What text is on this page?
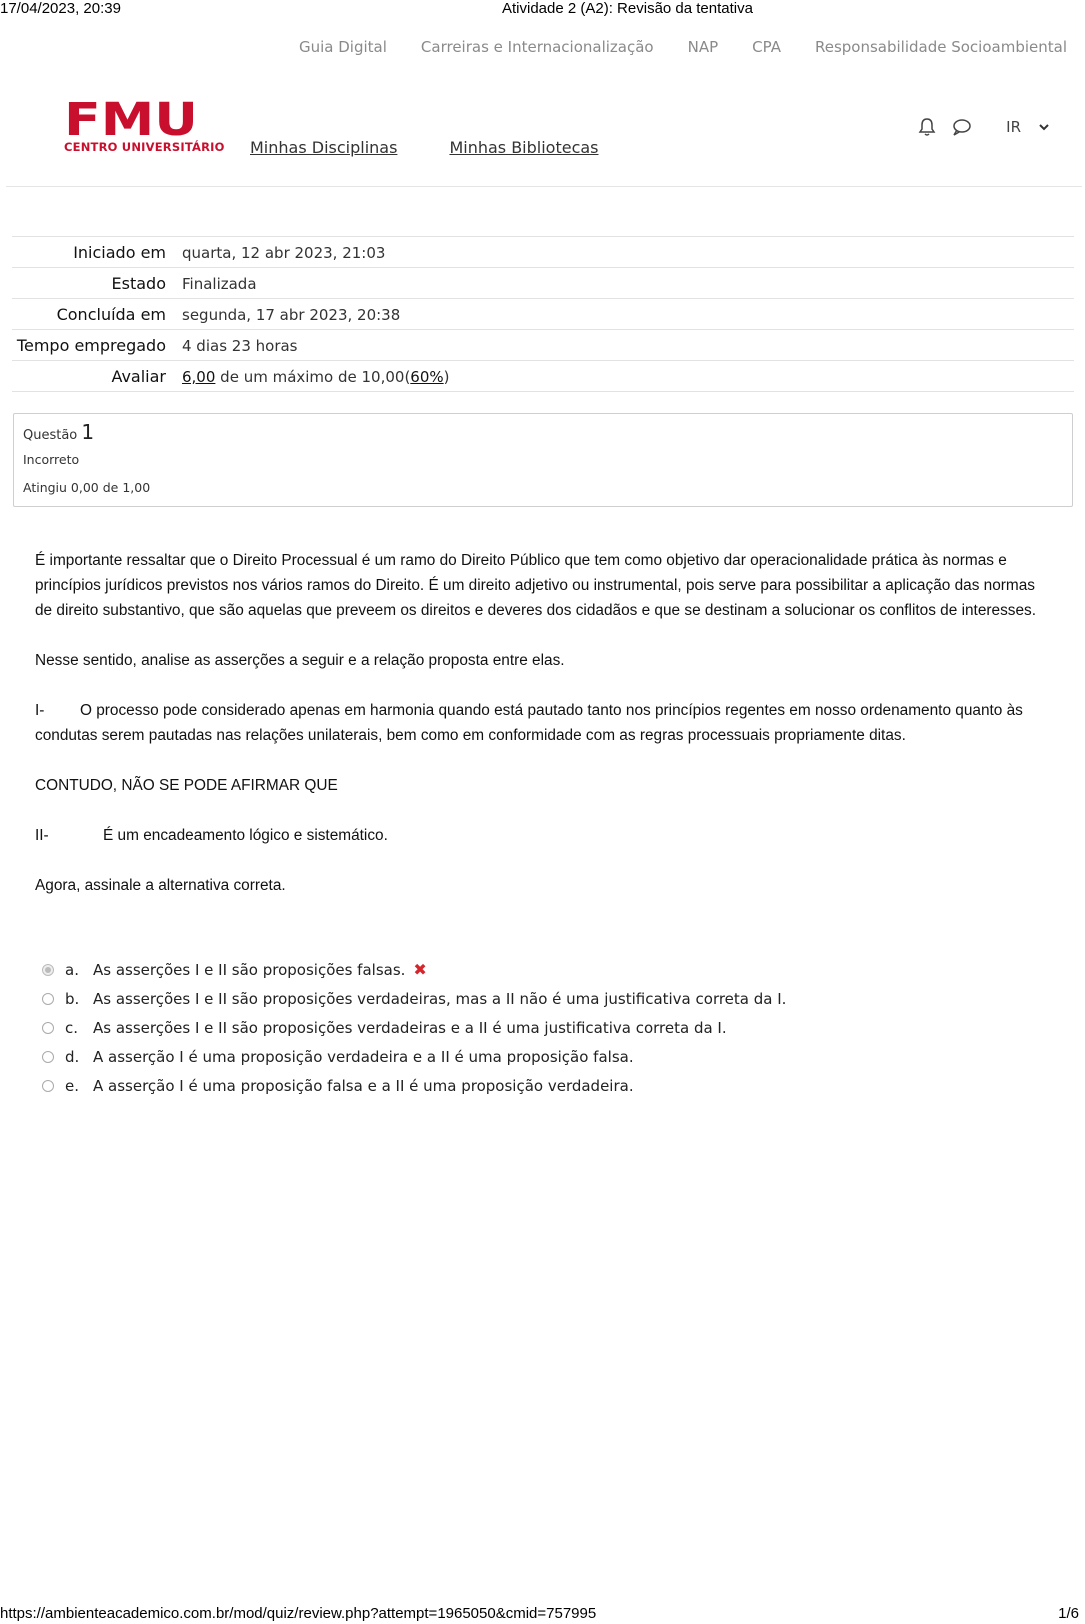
17/04/2023, 20:39	Atividade 2 (A2): Revisão da tentativa
Guia Digital Carreiras e Internacionalização NAP CPA Responsabilidade Socioambiental
FMU
CENTRO UNIVERSITÁRIO Minhas Disciplinas	Minhas Bibliotecas
IR
Iniciado em	quarta, 12 abr 2023, 21:03
Estado	Finalizada
Concluída em	segunda, 17 abr 2023, 20:38
Tempo empregado	4 dias 23 horas
Avaliar	6,00 de um máximo de 10,00(60%)
Questão 1
Incorreto
Atingiu 0,00 de 1,00

É importante ressaltar que o Direito Processual é um ramo do Direito Público que tem como objetivo dar operacionalidade prática às normas e princípios jurídicos previstos nos vários ramos do Direito. É um direito adjetivo ou instrumental, pois serve para possibilitar a aplicação das normas de direito substantivo, que são aquelas que preveem os direitos e deveres dos cidadãos e que se destinam a solucionar os conflitos de interesses.

Nesse sentido, analise as asserções a seguir e a relação proposta entre elas.

I- O processo pode considerado apenas em harmonia quando está pautado tanto nos princípios regentes em nosso ordenamento quanto às condutas serem pautadas nas relações unilaterais, bem como em conformidade com as regras processuais propriamente ditas.

CONTUDO, NÃO SE PODE AFIRMAR QUE

II-	É um encadeamento lógico e sistemático.

Agora, assinale a alternativa correta.

a. As asserções I e II são proposições falsas. ✖
b. As asserções I e II são proposições verdadeiras, mas a II não é uma justificativa correta da I.
c. As asserções I e II são proposições verdadeiras e a II é uma justificativa correta da I.
d. A asserção I é uma proposição verdadeira e a II é uma proposição falsa.
e. A asserção I é uma proposição falsa e a II é uma proposição verdadeira.
https://ambienteacademico.com.br/mod/quiz/review.php?attempt=1965050&cmid=757995	1/6
